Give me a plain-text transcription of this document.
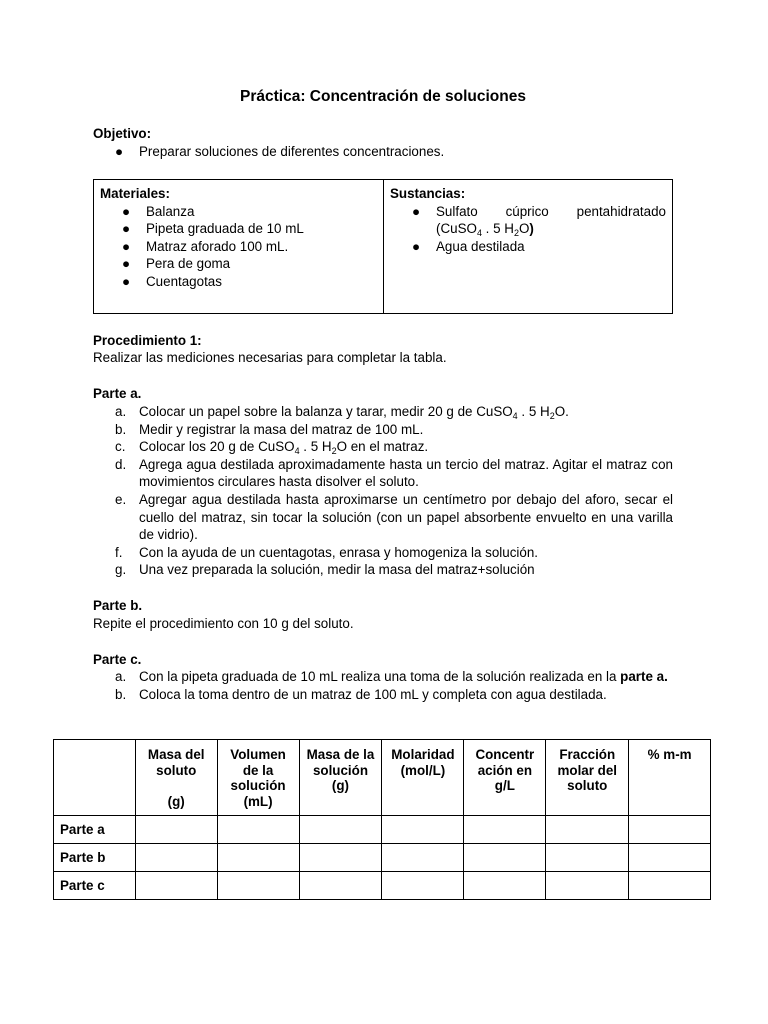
Práctica: Concentración de soluciones
Objetivo:
● Preparar soluciones de diferentes concentraciones.
Materiales:
● Balanza
● Pipeta graduada de 10 mL
● Matraz aforado 100 mL.
● Pera de goma
● Cuentagotas
Sustancias:
● Sulfato cúprico pentahidratado
(CuSO$_4$ . 5 $H_2O$)
● Agua destilada
Procedimiento 1:
Realizar las mediciones necesarias para completar la tabla.
Parte a.
a. Colocar un papel sobre la balanza y tarar, medir 20 g de CuSO$_4$ . 5 $H_2O$.
b. Medir y registrar la masa del matraz de 100 mL.
c. Colocar los 20 g de CuSO$_4$ . 5 $H_2O$ en el matraz.
d. Agrega agua destilada aproximadamente hasta un tercio del matraz. Agitar el matraz con movimientos circulares hasta disolver el soluto.
e. Agregar agua destilada hasta aproximarse un centímetro por debajo del aforo, secar el cuello del matraz, sin tocar la solución (con un papel absorbente envuelto en una varilla de vidrio).
f. Con la ayuda de un cuentagotas, enrasa y homogeniza la solución.
g. Una vez preparada la solución, medir la masa del matraz+solución
Parte b.
Repite el procedimiento con 10 g del soluto.
Parte c.
a. Con la pipeta graduada de 10 mL realiza una toma de la solución realizada en la parte a.
b. Coloca la toma dentro de un matraz de 100 mL y completa con agua destilada.
	Masa del soluto

(g)	Volumen de la solución (mL)	Masa de la solución (g)	Molaridad (mol/L)	Concentr ación en g/L	Fracción molar del soluto	% m-m
Parte a							
Parte b							
Parte c							
